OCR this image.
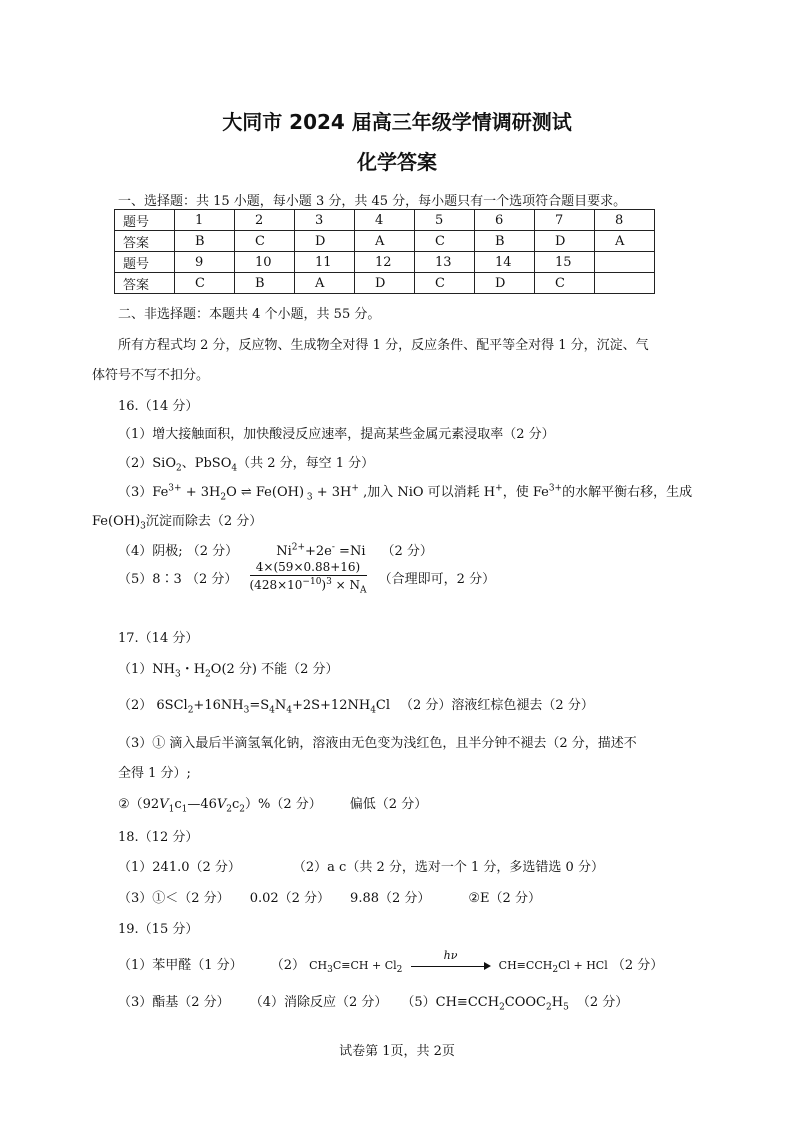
大同市 2024 届高三年级学情调研测试
化学答案
一、选择题：共 15 小题，每小题 3 分，共 45 分，每小题只有一个选项符合题目要求。
题号	1	2	3	4	5	6	7	8
答案	B	C	D	A	C	B	D	A
题号	9	10	11	12	13	14	15	
答案	C	B	A	D	C	D	C	
二、非选择题：本题共 4 个小题，共 55 分。
所有方程式均 2 分，反应物、生成物全对得 1 分，反应条件、配平等全对得 1 分，沉淀、气
体符号不写不扣分。
16.（14 分）
（1）增大接触面积，加快酸浸反应速率，提高某些金属元素浸取率（2 分）
（2）SiO$_2$、PbSO$_4$（共 2 分，每空 1 分）
$(3)Fe^{3+} + 3H_2O$ ⇌ Fe(OH) $_3$ + 3H+ ,加入 NiO 可以消耗 H+，使 $Fe^{3+}$的水解平衡右移，生成
$Fe(OH)_3$沉淀而除去（2 分）
（4）阴极; （2 分）	$Ni^{2+}+2e^- =Ni$ （2 分）
（5）8∶3 （2 分） $\frac{4\times(59\times 0.88+16)}{(428\times 10^{-10})^3 \times N_A}$ （合理即可，2 分）
17.（14 分）
$(1)NH_3$・$H_2O(2$ 分) 不能（2 分）
（2） $6SCl_2+16NH_3=S_4N_4+2S+12NH_4Cl$ （2 分）溶液红棕色褪去（2 分）
（3）① 滴入最后半滴氢氧化钠，溶液由无色变为浅红色，且半分钟不褪去（2 分，描述不
全得 1 分）;
$②(92V_1c_1—46V_2c_2)\%(2$ 分） 偏低（2 分）
18.（12 分）
（1）241.0（2 分）	（2）a c（共 2 分，选对一个 1 分，多选错选 0 分）
（3）①＜（2 分） 0.02（2 分） 9.88（2 分）	②E（2 分）
19.（15 分）
（1）苯甲醛（1 分） （2） $CH_3C\equiv CH + Cl_2$
hν
$CH\equiv CCH_2Cl$ + HCl （2 分）
（3）酯基（2 分） （4）消除反应（2 分） $(5)CH\equiv CCH_2COOC_2H_5$ （2 分）
试卷第 1页，共 2页
